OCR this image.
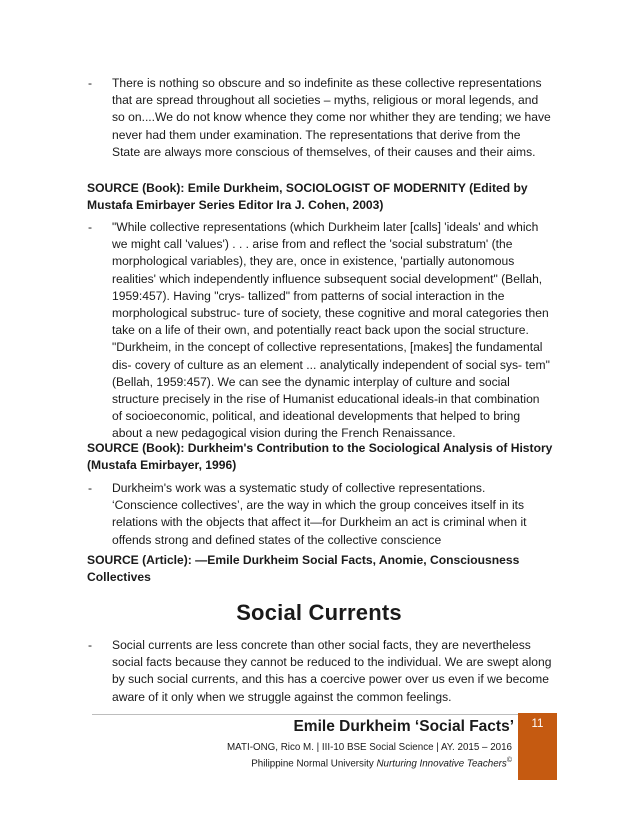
- There is nothing so obscure and so indefinite as these collective representations that are spread throughout all societies – myths, religious or moral legends, and so on....We do not know whence they come nor whither they are tending; we have never had them under examination. The representations that derive from the State are always more conscious of themselves, of their causes and their aims.
SOURCE (Book): Emile Durkheim, SOCIOLOGIST OF MODERNITY (Edited by Mustafa Emirbayer Series Editor Ira J. Cohen, 2003)
- "While collective representations (which Durkheim later [calls] 'ideals' and which we might call 'values') . . . arise from and reflect the 'social substratum' (the morphological variables), they are, once in existence, 'partially autonomous realities' which independently influence subsequent social development" (Bellah, 1959:457). Having "crys- tallized" from patterns of social interaction in the morphological substruc- ture of society, these cognitive and moral categories then take on a life of their own, and potentially react back upon the social structure. "Durkheim, in the concept of collective representations, [makes] the fundamental dis- covery of culture as an element ... analytically independent of social sys- tem" (Bellah, 1959:457). We can see the dynamic interplay of culture and social structure precisely in the rise of Humanist educational ideals-in that combination of socioeconomic, political, and ideational developments that helped to bring about a new pedagogical vision during the French Renaissance.
SOURCE (Book): Durkheim's Contribution to the Sociological Analysis of History (Mustafa Emirbayer, 1996)
- Durkheim's work was a systematic study of collective representations. ‘Conscience collectives’, are the way in which the group conceives itself in its relations with the objects that affect it—for Durkheim an act is criminal when it offends strong and defined states of the collective conscience
SOURCE (Article): —Emile Durkheim Social Facts, Anomie, Consciousness Collectives
Social Currents
- Social currents are less concrete than other social facts, they are nevertheless social facts because they cannot be reduced to the individual. We are swept along by such social currents, and this has a coercive power over us even if we become aware of it only when we struggle against the common feelings.
11
Emile Durkheim ‘Social Facts’
MATI-ONG, Rico M. | III-10 BSE Social Science | AY. 2015 – 2016
Philippine Normal University Nurturing Innovative Teachers©
